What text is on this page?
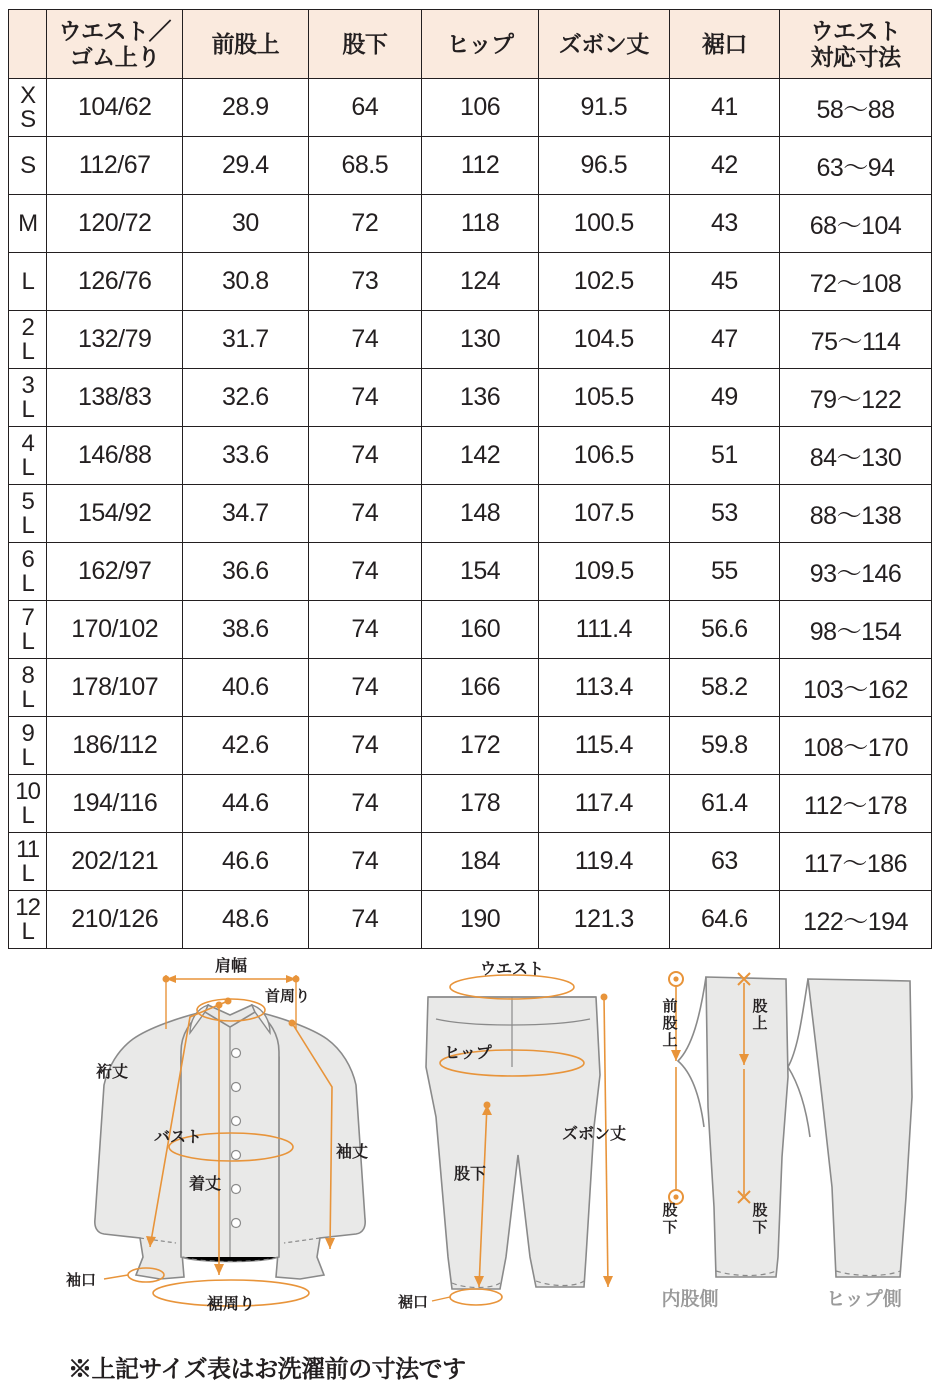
	ウエスト／
ゴム上り	前股上	股下	ヒップ	ズボン丈	裾口	ウエスト
対応寸法

X
S	104/62	28.9	64	106	91.5	41	58〜88
S	112/67	29.4	68.5	112	96.5	42	63〜94
M	120/72	30	72	118	100.5	43	68〜104
L	126/76	30.8	73	124	102.5	45	72〜108

2
L	132/79	31.7	74	130	104.5	47	75〜114

3
L	138/83	32.6	74	136	105.5	49	79〜122

4
L	146/88	33.6	74	142	106.5	51	84〜130

5
L	154/92	34.7	74	148	107.5	53	88〜138

6
L	162/97	36.6	74	154	109.5	55	93〜146

7
L	170/102	38.6	74	160	111.4	56.6	98〜154

8
L	178/107	40.6	74	166	113.4	58.2	103〜162

9
L	186/112	42.6	74	172	115.4	59.8	108〜170

10
L	194/116	44.6	74	178	117.4	61.4	112〜178

11
L	202/121	46.6	74	184	119.4	63	117〜186

12
L	210/126	48.6	74	190	121.3	64.6	122〜194
肩幅
首周り
裄丈
袖丈
バスト
着丈
袖口
裾周り
ウエスト
ヒップ
股下
ズボン丈
裾口
前股上
股上
股下
股下
内股側	ヒップ側
※上記サイズ表はお洗濯前の寸法です
